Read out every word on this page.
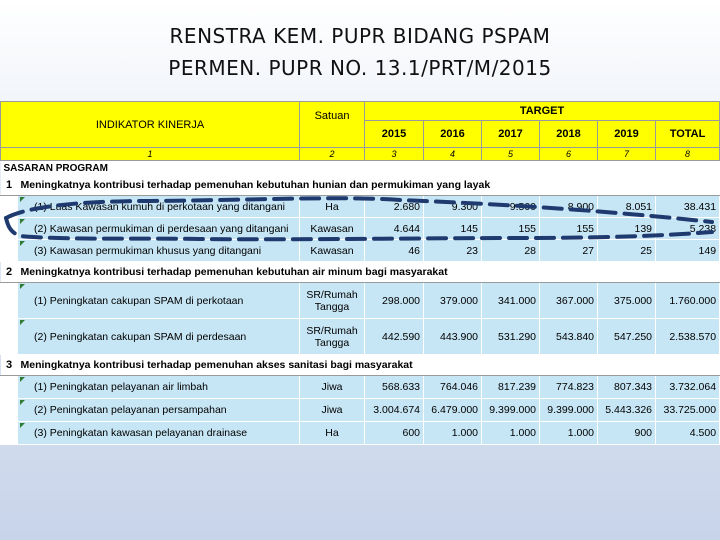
RENSTRA KEM. PUPR BIDANG PSPAM
PERMEN. PUPR NO. 13.1/PRT/M/2015
INDIKATOR KINERJA		Satuan	TARGET					
			2015	2016	2017	2018	2019	TOTAL
1		2	3	4	5	6	7	8
SASARAN PROGRAM								
1	Meningkatnya kontribusi terhadap pemenuhan kebutuhan hunian dan permukiman yang layak							
	(1) Luas Kawasan kumuh di perkotaan yang ditangani	Ha	2.680	9.300	9.500	8.900	8.051	38.431
	(2) Kawasan permukiman di perdesaan yang ditangani	Kawasan	4.644	145	155	155	139	5.238
	(3) Kawasan permukiman khusus yang ditangani	Kawasan	46	23	28	27	25	149
2	Meningkatnya kontribusi terhadap pemenuhan kebutuhan air minum bagi masyarakat							
	(1) Peningkatan cakupan SPAM di perkotaan	SR/Rumah
Tangga	298.000	379.000	341.000	367.000	375.000	1.760.000
	(2) Peningkatan cakupan SPAM di perdesaan	SR/Rumah
Tangga	442.590	443.900	531.290	543.840	547.250	2.538.570
3	Meningkatnya kontribusi terhadap pemenuhan akses sanitasi bagi masyarakat							
	(1) Peningkatan pelayanan air limbah	Jiwa	568.633	764.046	817.239	774.823	807.343	3.732.064
	(2) Peningkatan pelayanan persampahan	Jiwa	3.004.674	6.479.000	9.399.000	9.399.000	5.443.326	33.725.000
	(3) Peningkatan kawasan pelayanan drainase	Ha	600	1.000	1.000	1.000	900	4.500
